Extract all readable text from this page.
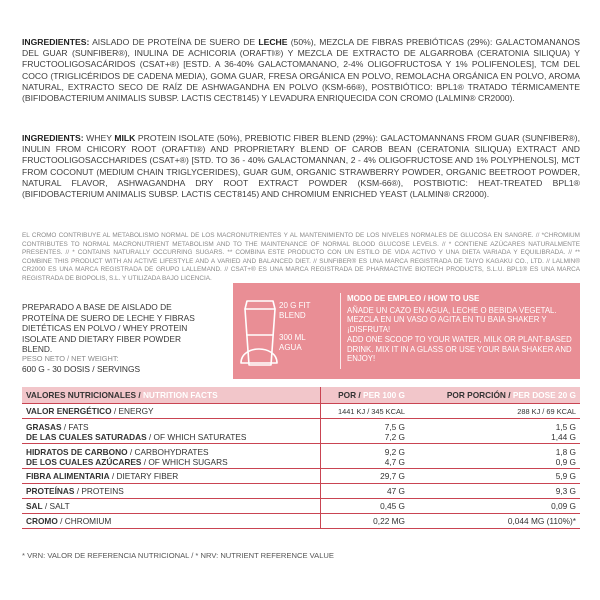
INGREDIENTES: AISLADO DE PROTEÍNA DE SUERO DE LECHE (50%), MEZCLA DE FIBRAS PREBIÓTICAS (29%): GALACTOMANANOS DEL GUAR (SUNFIBER®), INULINA DE ACHICORIA (ORAFTI®) Y MEZCLA DE EXTRACTO DE ALGARROBA (CERATONIA SILIQUA) Y FRUCTOOLIGOSACÁRIDOS (CSAT+®) [ESTD. A 36-40% GALACTOMANANO, 2-4% OLIGOFRUCTOSA Y 1% POLIFENOLES], TCM DEL COCO (TRIGLICÉRIDOS DE CADENA MEDIA), GOMA GUAR, FRESA ORGÁNICA EN POLVO, REMOLACHA ORGÁNICA EN POLVO, AROMA NATURAL, EXTRACTO SECO DE RAÍZ DE ASHWAGANDHA EN POLVO (KSM-66®), POSTBIÓTICO: BPL1® TRATADO TÉRMICAMENTE (BIFIDOBACTERIUM ANIMALIS SUBSP. LACTIS CECT8145) Y LEVADURA ENRIQUECIDA CON CROMO (LALMIN® CR2000).
INGREDIENTS: WHEY MILK PROTEIN ISOLATE (50%), PREBIOTIC FIBER BLEND (29%): GALACTOMANNANS FROM GUAR (SUNFIBER®), INULIN FROM CHICORY ROOT (ORAFTI®) AND PROPRIETARY BLEND OF CAROB BEAN (CERATONIA SILIQUA) EXTRACT AND FRUCTOOLIGOSACCHARIDES (CSAT+®) [STD. TO 36 - 40% GALACTOMANNAN, 2 - 4% OLIGOFRUCTOSE AND 1% POLYPHENOLS], MCT FROM COCONUT (MEDIUM CHAIN TRIGLYCERIDES), GUAR GUM, ORGANIC STRAWBERRY POWDER, ORGANIC BEETROOT POWDER, NATURAL FLAVOR, ASHWAGANDHA DRY ROOT EXTRACT POWDER (KSM-66®), POSTBIOTIC: HEAT-TREATED BPL1® (BIFIDOBACTERIUM ANIMALIS SUBSP. LACTIS CECT8145) AND CHROMIUM ENRICHED YEAST (LALMIN® CR2000).
EL CROMO CONTRIBUYE AL METABOLISMO NORMAL DE LOS MACRONUTRIENTES Y AL MANTENIMIENTO DE LOS NIVELES NORMALES DE GLUCOSA EN SANGRE. // *CHROMIUM CONTRIBUTES TO NORMAL MACRONUTRIENT METABOLISM AND TO THE MAINTENANCE OF NORMAL BLOOD GLUCOSE LEVELS. // * CONTIENE AZÚCARES NATURALMENTE PRESENTES. // * CONTAINS NATURALLY OCCURRING SUGARS. ** COMBINA ESTE PRODUCTO CON UN ESTILO DE VIDA ACTIVO Y UNA DIETA VARIADA Y EQUILIBRADA. // ** COMBINE THIS PRODUCT WITH AN ACTIVE LIFESTYLE AND A VARIED AND BALANCED DIET. // SUNFIBER® ES UNA MARCA REGISTRADA DE TAIYO KAGAKU CO., LTD. // LALMIN® CR2000 ES UNA MARCA REGISTRADA DE GRUPO LALLEMAND. // CSAT+® ES UNA MARCA REGISTRADA DE PHARMACTIVE BIOTECH PRODUCTS, S.L.U. BPL1® ES UNA MARCA REGISTRADA DE BIOPOLIS, S.L. Y UTILIZADA BAJO LICENCIA.
PREPARADO A BASE DE AISLADO DE PROTEÍNA DE SUERO DE LECHE Y FIBRAS DIETÉTICAS EN POLVO / WHEY PROTEIN ISOLATE AND DIETARY FIBER POWDER BLEND.
PESO NETO / NET WEIGHT:
600 G - 30 DOSIS / SERVINGS
20 G FIT BLEND
300 ML AGUA
MODO DE EMPLEO / HOW TO USE
AÑADE UN CAZO EN AGUA, LECHE O BEBIDA VEGETAL. MEZCLA EN UN VASO O AGITA EN TU BAIA SHAKER Y ¡DISFRUTA!
ADD ONE SCOOP TO YOUR WATER, MILK OR PLANT-BASED DRINK. MIX IT IN A GLASS OR USE YOUR BAIA SHAKER AND ENJOY!
VALORES NUTRICIONALES / NUTRITION FACTS	POR / PER 100 G	POR PORCIÓN / PER DOSE 20 G
VALOR ENERGÉTICO / ENERGY	1441 KJ / 345 KCAL	288 KJ / 69 KCAL
GRASAS / FATS	7,5 G	1,5 G
DE LAS CUALES SATURADAS / OF WHICH SATURATES	7,2 G	1,44 G
HIDRATOS DE CARBONO / CARBOHYDRATES	9,2 G	1,8 G
DE LOS CUALES AZÚCARES / OF WHICH SUGARS	4,7 G	0,9 G
FIBRA ALIMENTARIA / DIETARY FIBER	29,7 G	5,9 G
PROTEÍNAS / PROTEINS	47 G	9,3 G
SAL / SALT	0,45 G	0,09 G
CROMO / CHROMIUM	0,22 MG	0,044 MG (110%)*
* VRN: VALOR DE REFERENCIA NUTRICIONAL / * NRV: NUTRIENT REFERENCE VALUE
